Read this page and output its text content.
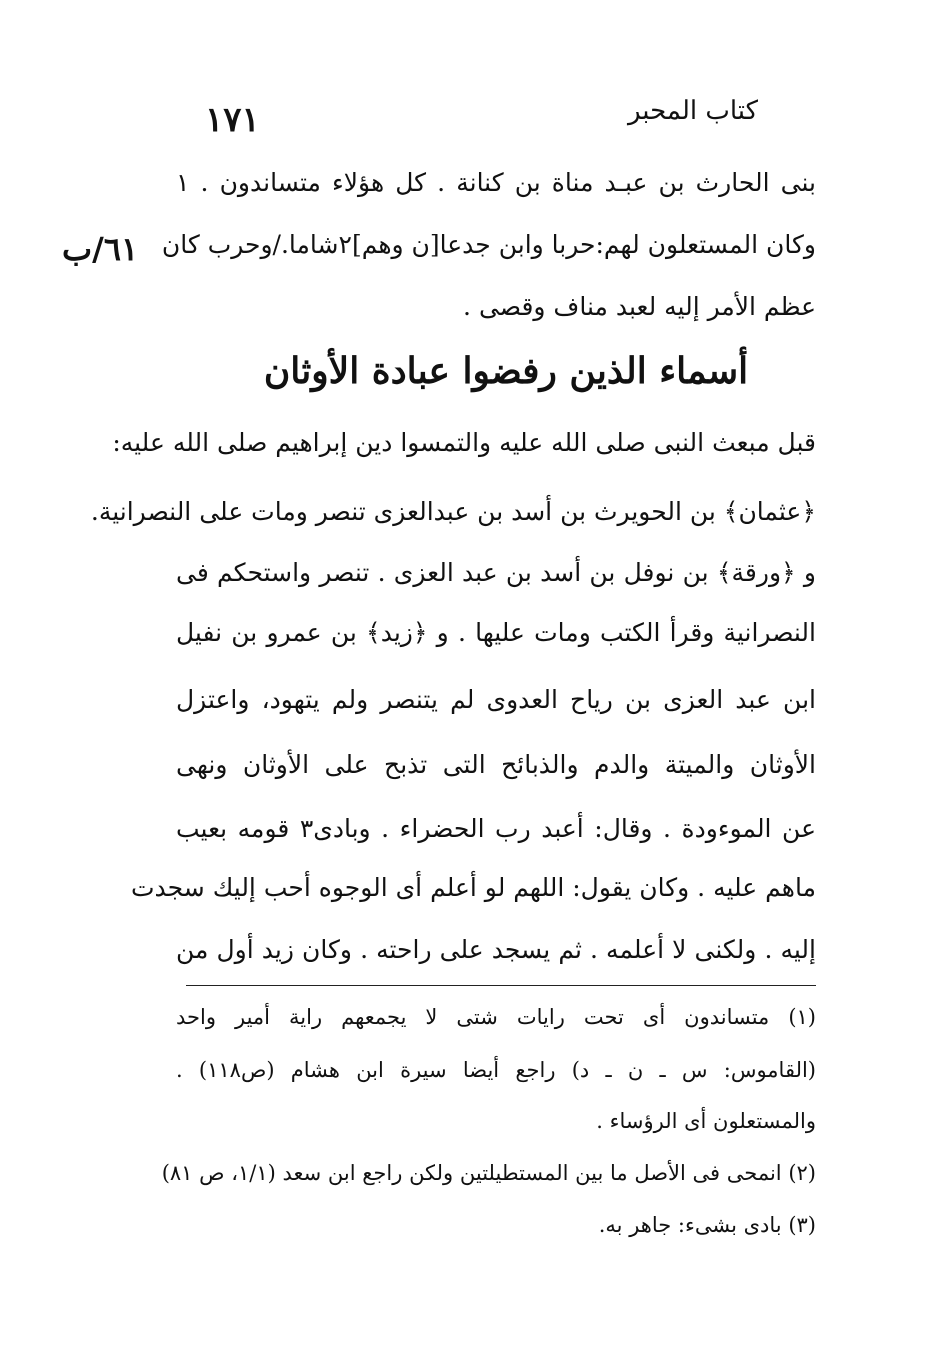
كتاب المحبر
١٧١
٦١/ب
بنى الحارث بن عبـد مناة بن كنانة . كل هؤلاء متساندون . ١
وكان المستعلون لهم:حربا وابن جدعا[ن وهم]٢شاما./وحرب كان
عظم الأمر إليه لعبد مناف وقصى .
أسماء الذين رفضوا عبادة الأوثان
قبل مبعث النبى صلى الله عليه والتمسوا دين إبراهيم صلى الله عليه:
﴿عثمان﴾ بن الحويرث بن أسد بن عبدالعزى تنصر ومات على النصرانية.
و ﴿ورقة﴾ بن نوفل بن أسد بن عبد العزى . تنصر واستحكم فى
النصرانية وقرأ الكتب ومات عليها . و ﴿زيد﴾ بن عمرو بن نفيل
ابن عبد العزى بن رياح العدوى لم يتنصر ولم يتهود، واعتزل
الأوثان والميتة والدم والذبائح التى تذبح على الأوثان ونهى
عن الموءودة . وقال: أعبد رب الحضراء . وبادى٣ قومه بعيب
ماهم عليه . وكان يقول: اللهم لو أعلم أى الوجوه أحب إليك سجدت
إليه . ولكنى لا أعلمه . ثم يسجد على راحته . وكان زيد أول من
(١) متساندون أى تحت رايات شتى لا يجمعهم راية أمير واحد
(القاموس: س ـ ن ـ د) راجع أيضا سيرة ابن هشام (ص١١٨) .
والمستعلون أى الرؤساء .
(٢) انمحى فى الأصل ما بين المستطيلتين ولكن راجع ابن سعد (١/١، ص ٨١)
(٣) بادى بشىء: جاهر به.
